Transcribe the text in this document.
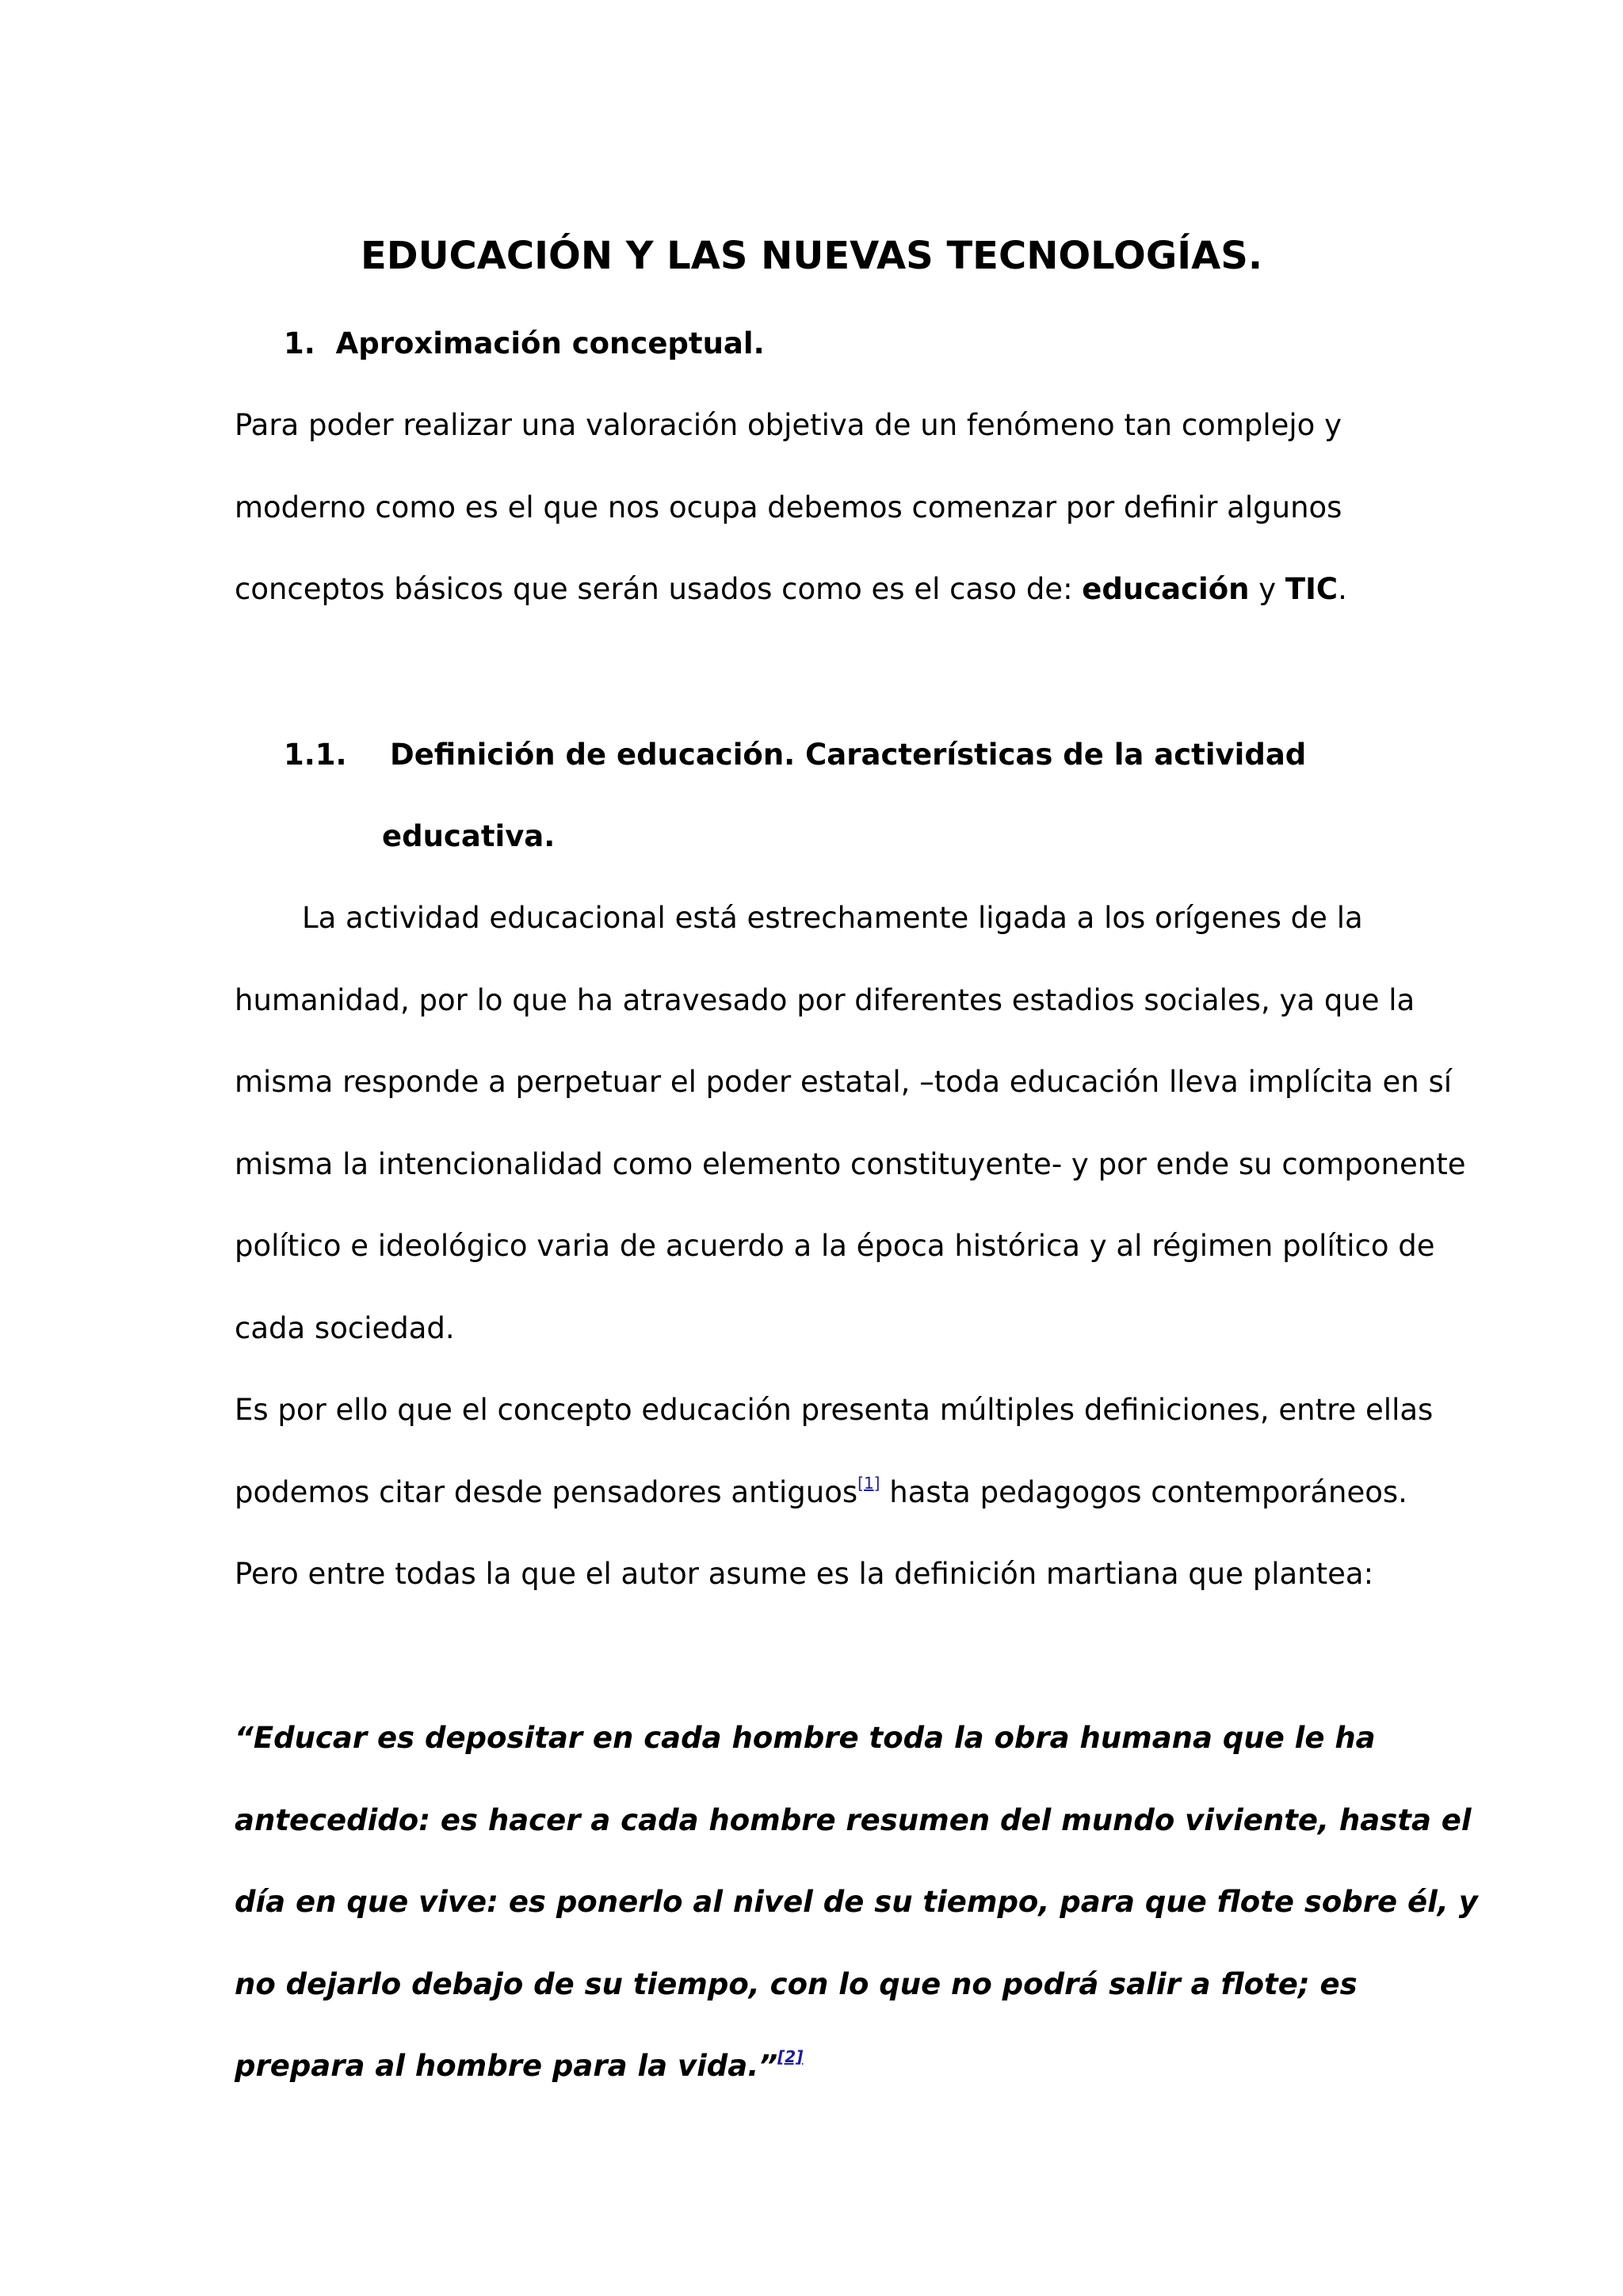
EDUCACIÓN Y LAS NUEVAS TECNOLOGÍAS.

1. Aproximación conceptual.

Para poder realizar una valoración objetiva de un fenómeno tan complejo y

moderno como es el que nos ocupa debemos comenzar por definir algunos

conceptos básicos que serán usados como es el caso de: educación y TIC.

1.1. Definición de educación. Características de la actividad

educativa.

La actividad educacional está estrechamente ligada a los orígenes de la

humanidad, por lo que ha atravesado por diferentes estadios sociales, ya que la

misma responde a perpetuar el poder estatal, –toda educación lleva implícita en sí

misma la intencionalidad como elemento constituyente- y por ende su componente

político e ideológico varia de acuerdo a la época histórica y al régimen político de

cada sociedad.

Es por ello que el concepto educación presenta múltiples definiciones, entre ellas

podemos citar desde pensadores antiguos[1] hasta pedagogos contemporáneos.

Pero entre todas la que el autor asume es la definición martiana que plantea:

“Educar es depositar en cada hombre toda la obra humana que le ha

antecedido: es hacer a cada hombre resumen del mundo viviente, hasta el

día en que vive: es ponerlo al nivel de su tiempo, para que flote sobre él, y

no dejarlo debajo de su tiempo, con lo que no podrá salir a flote; es

prepara al hombre para la vida.”[2]
